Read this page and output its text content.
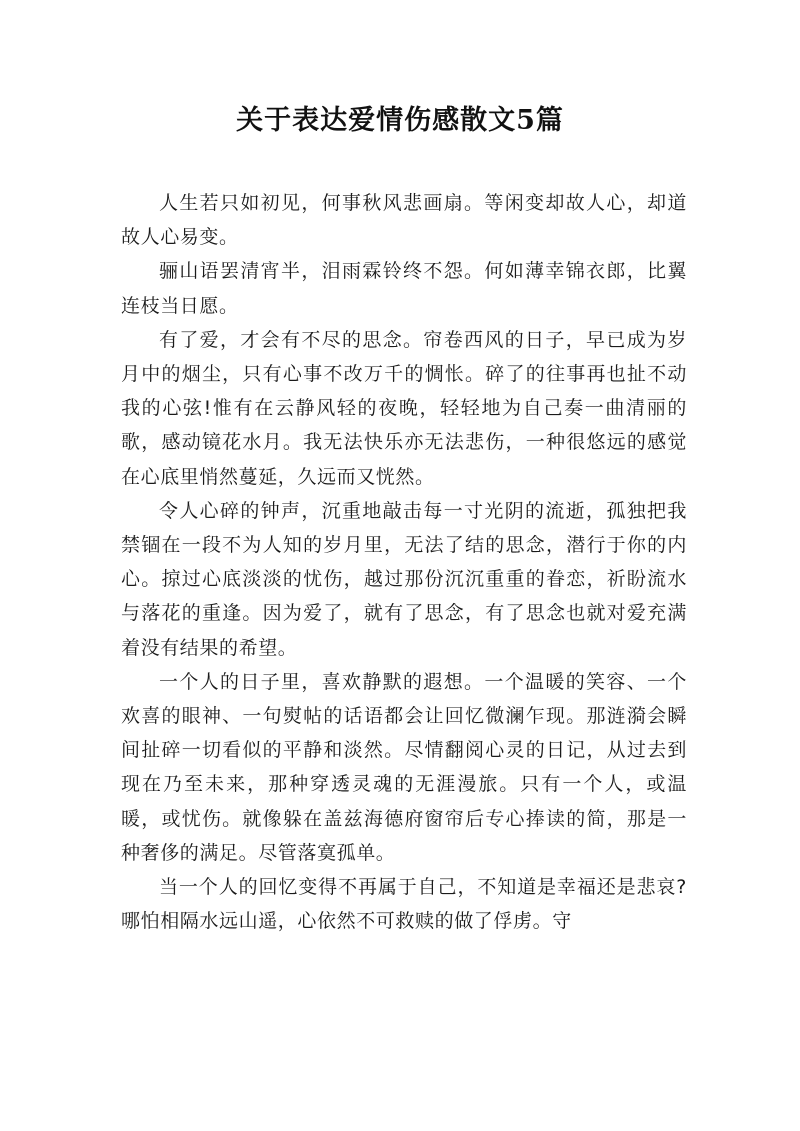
关于表达爱情伤感散文5篇

人生若只如初见，何事秋风悲画扇。等闲变却故人心，却道故人心易变。

骊山语罢清宵半，泪雨霖铃终不怨。何如薄幸锦衣郎，比翼连枝当日愿。

有了爱，才会有不尽的思念。帘卷西风的日子，早已成为岁月中的烟尘，只有心事不改万千的惆怅。碎了的往事再也扯不动我的心弦!惟有在云静风轻的夜晚，轻轻地为自己奏一曲清丽的歌，感动镜花水月。我无法快乐亦无法悲伤，一种很悠远的感觉在心底里悄然蔓延，久远而又恍然。

令人心碎的钟声，沉重地敲击每一寸光阴的流逝，孤独把我禁锢在一段不为人知的岁月里，无法了结的思念，潜行于你的内心。掠过心底淡淡的忧伤，越过那份沉沉重重的眷恋，祈盼流水与落花的重逢。因为爱了，就有了思念，有了思念也就对爱充满着没有结果的希望。

一个人的日子里，喜欢静默的遐想。一个温暖的笑容、一个欢喜的眼神、一句熨帖的话语都会让回忆微澜乍现。那涟漪会瞬间扯碎一切看似的平静和淡然。尽情翻阅心灵的日记，从过去到现在乃至未来，那种穿透灵魂的无涯漫旅。只有一个人，或温暖，或忧伤。就像躲在盖兹海德府窗帘后专心捧读的简，那是一种奢侈的满足。尽管落寞孤单。

当一个人的回忆变得不再属于自己，不知道是幸福还是悲哀?哪怕相隔水远山遥，心依然不可救赎的做了俘虏。守
